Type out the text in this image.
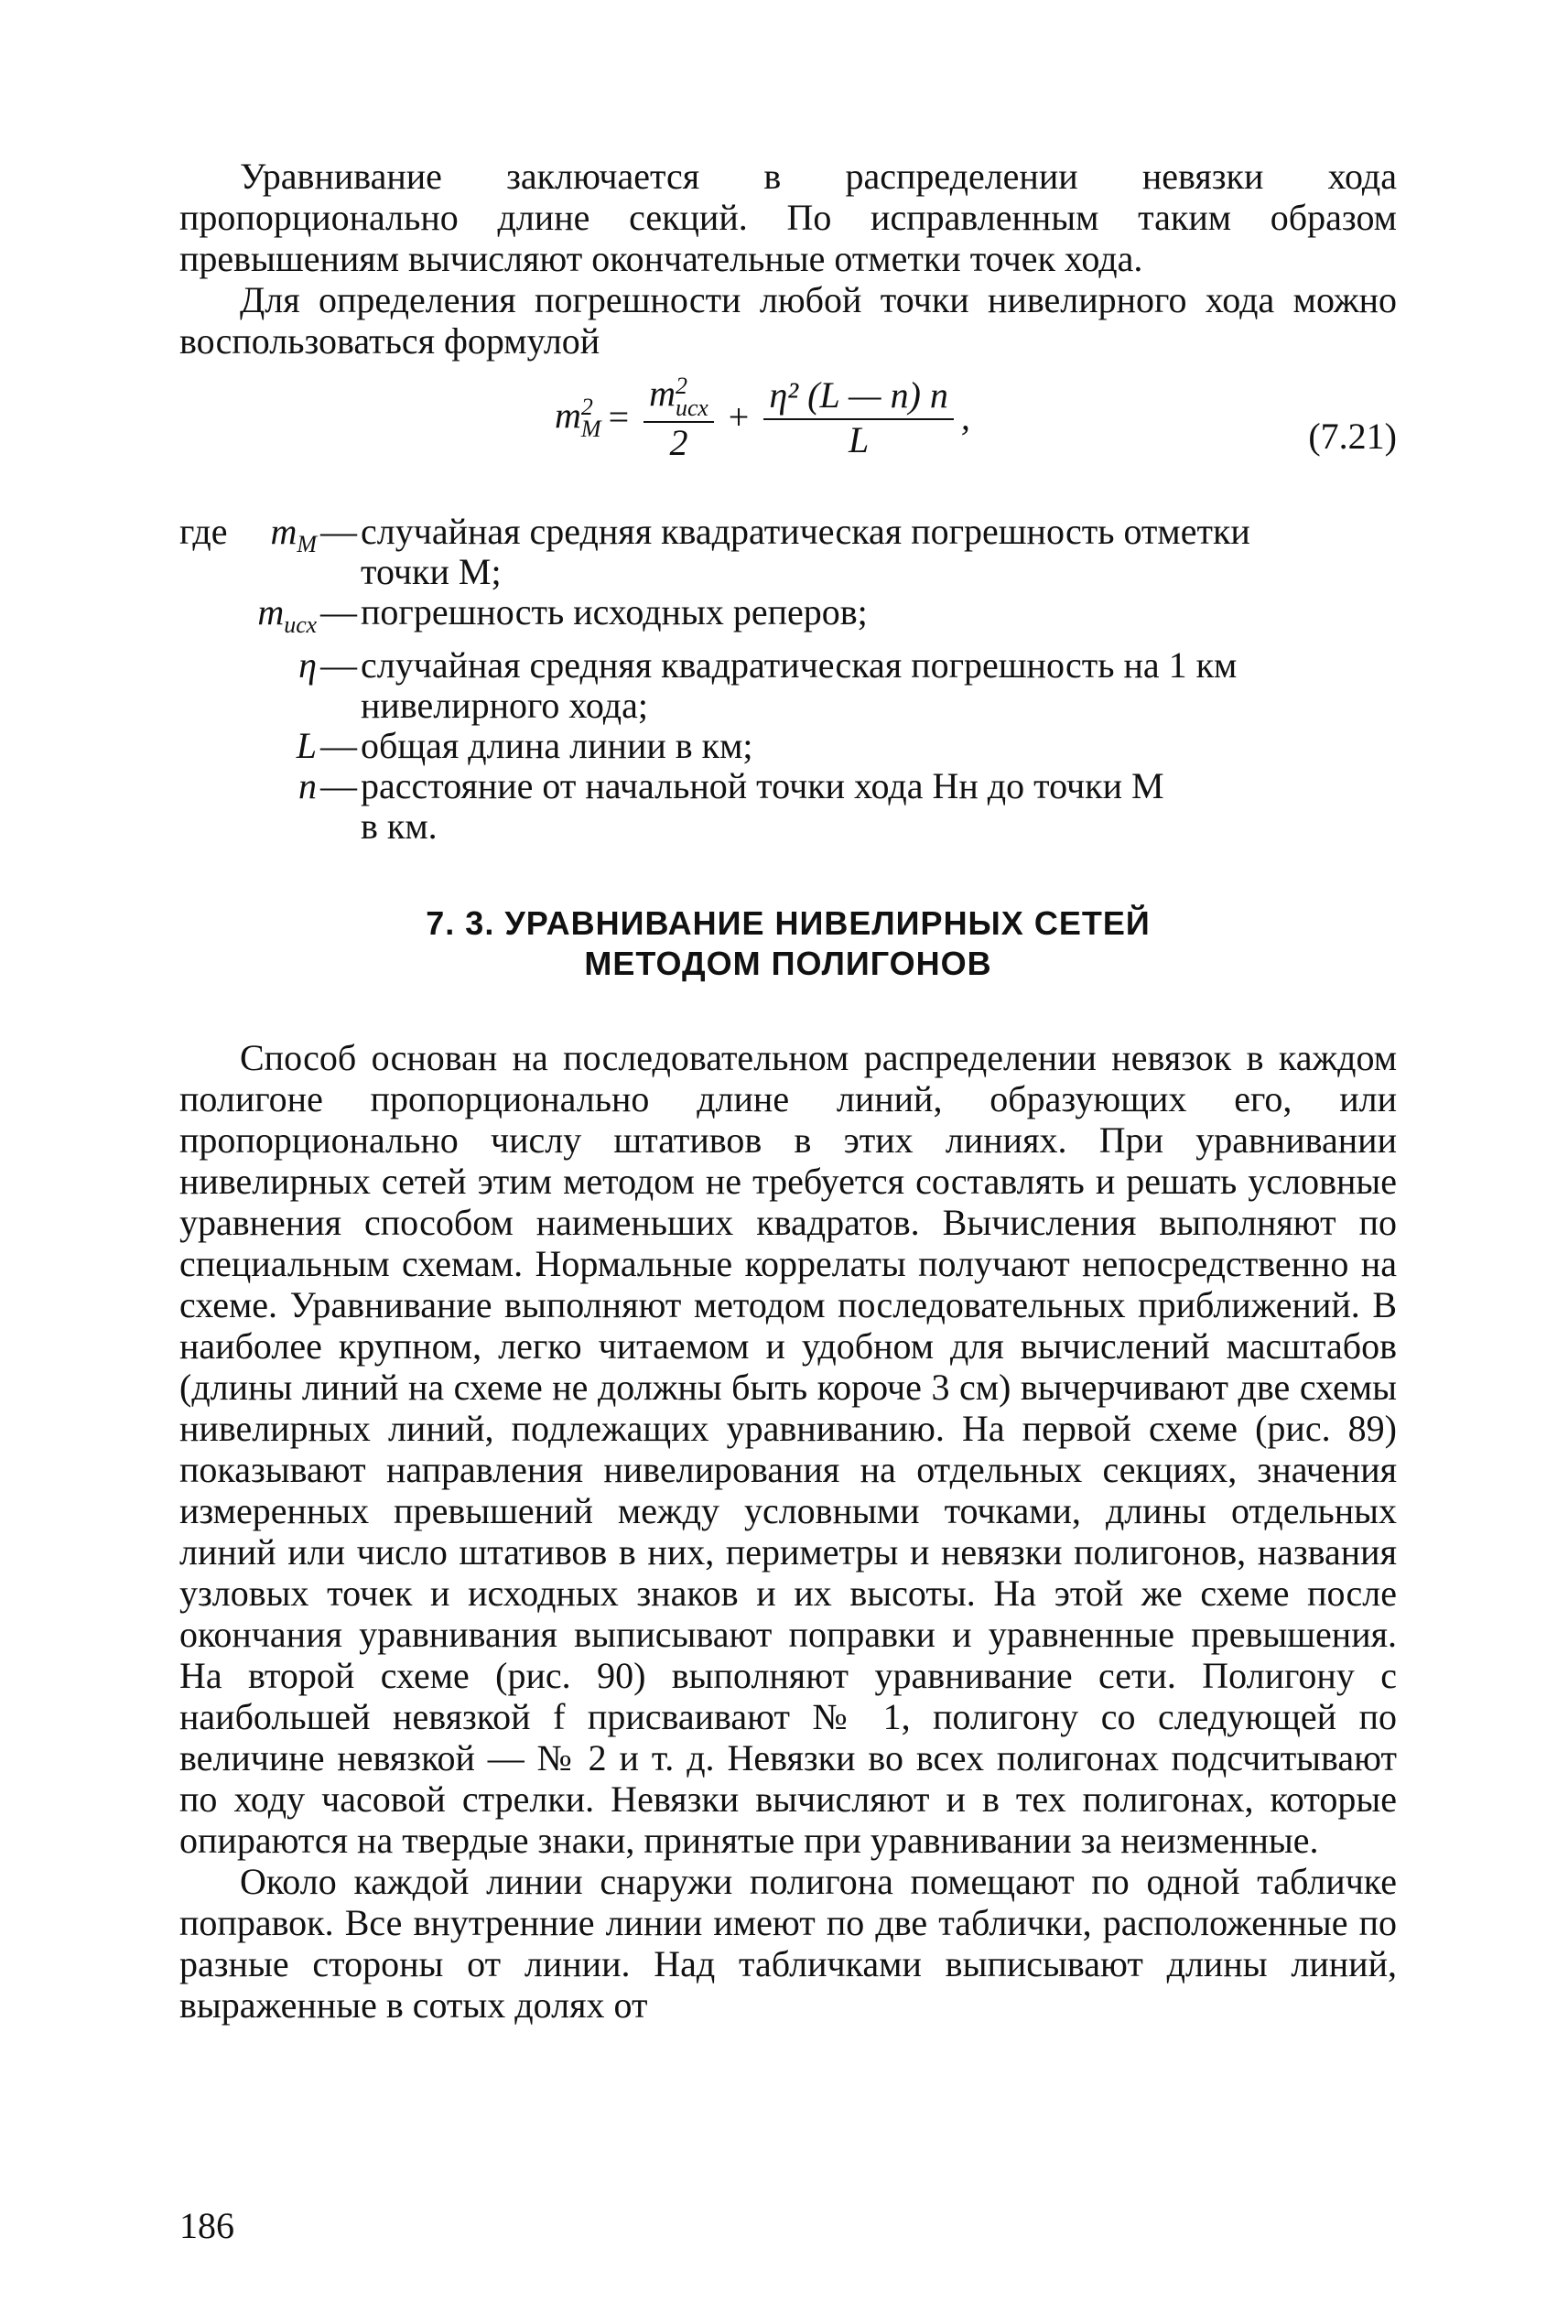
Уравнивание заключается в распределении невязки хода пропорционально длине секций. По исправленным таким образом превышениям вычисляют окончательные отметки точек хода.

Для определения погрешности любой точки нивелирного хода можно воспользоваться формулой

m 2
M = m 2
исх
$2 + \frac{\text{η² (L — n) n}}{L}$ ,	(7.21)
где	$m_M$ — случайная средняя квадратическая погрешность отметки
точки M;
$m_{исх}$ — погрешность исходных реперов;
η — случайная средняя квадратическая погрешность на 1 км
нивелирного хода;
L — общая длина линии в км;
n — расстояние от начальной точки хода Hн до точки M
в км.
7. 3. УРАВНИВАНИЕ НИВЕЛИРНЫХ СЕТЕЙ
МЕТОДОМ ПОЛИГОНОВ

Способ основан на последовательном распределении невязок в каждом полигоне пропорционально длине линий, образующих его, или пропорционально числу штативов в этих линиях. При уравнивании нивелирных сетей этим методом не требуется составлять и решать условные уравнения способом наименьших квадратов. Вычисления выполняют по специальным схемам. Нормальные коррелаты получают непосредственно на схеме. Уравнивание выполняют методом последовательных приближений. В наиболее крупном, легко читаемом и удобном для вычислений масштабов (длины линий на схеме не должны быть короче 3 см) вычерчивают две схемы нивелирных линий, подлежащих уравниванию. На первой схеме (рис. 89) показывают направления нивелирования на отдельных секциях, значения измеренных превышений между условными точками, длины отдельных линий или число штативов в них, периметры и невязки полигонов, названия узловых точек и исходных знаков и их высоты. На этой же схеме после окончания уравнивания выписывают поправки и уравненные превышения. На второй схеме (рис. 90) выполняют уравнивание сети. Полигону с наибольшей невязкой f присваивают № 1, полигону со следующей по величине невязкой — № 2 и т. д. Невязки во всех полигонах подсчитывают по ходу часовой стрелки. Невязки вычисляют и в тех полигонах, которые опираются на твердые знаки, принятые при уравнивании за неизменные.

Около каждой линии снаружи полигона помещают по одной табличке поправок. Все внутренние линии имеют по две таблички, расположенные по разные стороны от линии. Над табличками выписывают длины линий, выраженные в сотых долях от

186
